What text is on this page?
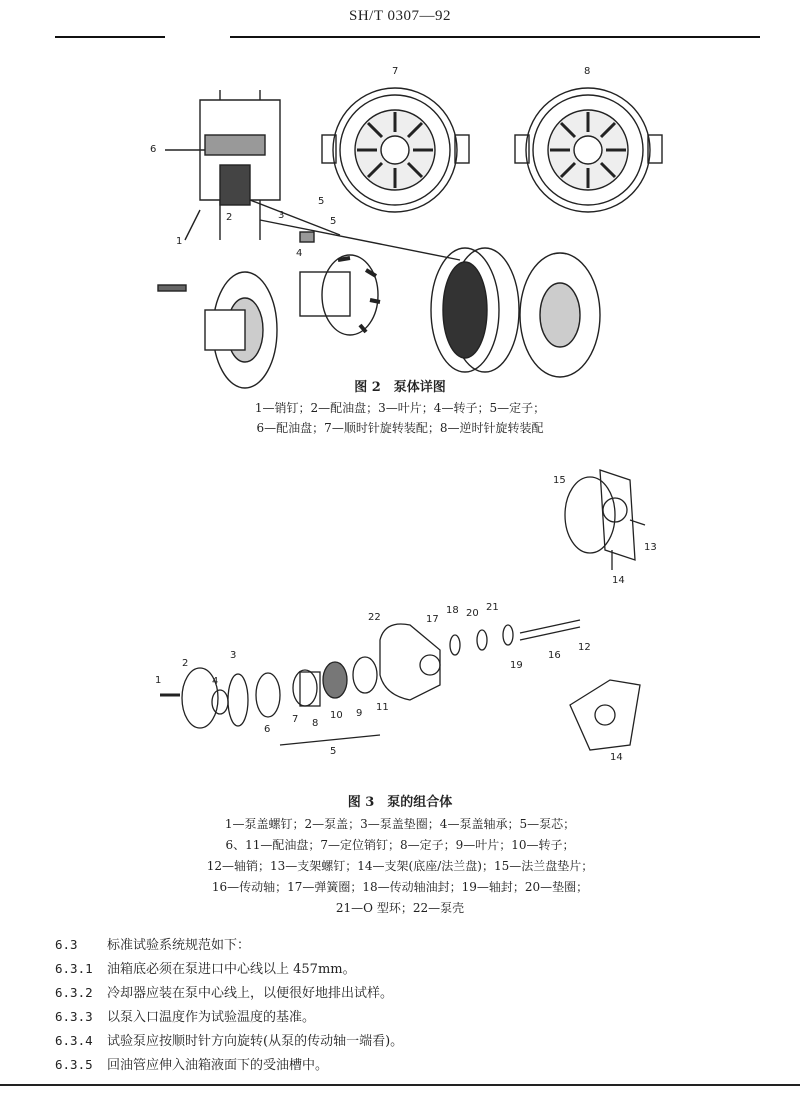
SH/T 0307—92
6
7	8
2	3
5
4
1
5
图 2　泵体详图
1—销钉；2—配油盘；3—叶片；4—转子；5—定子；
6—配油盘；7—顺时针旋转装配；8—逆时针旋转装配
15
13
14
22	17
18 20
21
12
1
2
4
3
6
7 8
10 9
11
5
16
19
14
图 3　泵的组合体
1—泵盖螺钉；2—泵盖；3—泵盖垫圈；4—泵盖轴承；5—泵芯；
6、11—配油盘；7—定位销钉；8—定子；9—叶片；10—转子；
12—轴销；13—支架螺钉；14—支架(底座/法兰盘)；15—法兰盘垫片；
16—传动轴；17—弹簧圈；18—传动轴油封；19—轴封；20—垫圈；
21—O 型环；22—泵壳
6.3 标准试验系统规范如下：
6.3.1 油箱底必须在泵进口中心线以上 457mm。
6.3.2 冷却器应装在泵中心线上，以便很好地排出试样。
6.3.3 以泵入口温度作为试验温度的基准。
6.3.4 试验泵应按顺时针方向旋转(从泵的传动轴一端看)。
6.3.5 回油管应伸入油箱液面下的受油槽中。
